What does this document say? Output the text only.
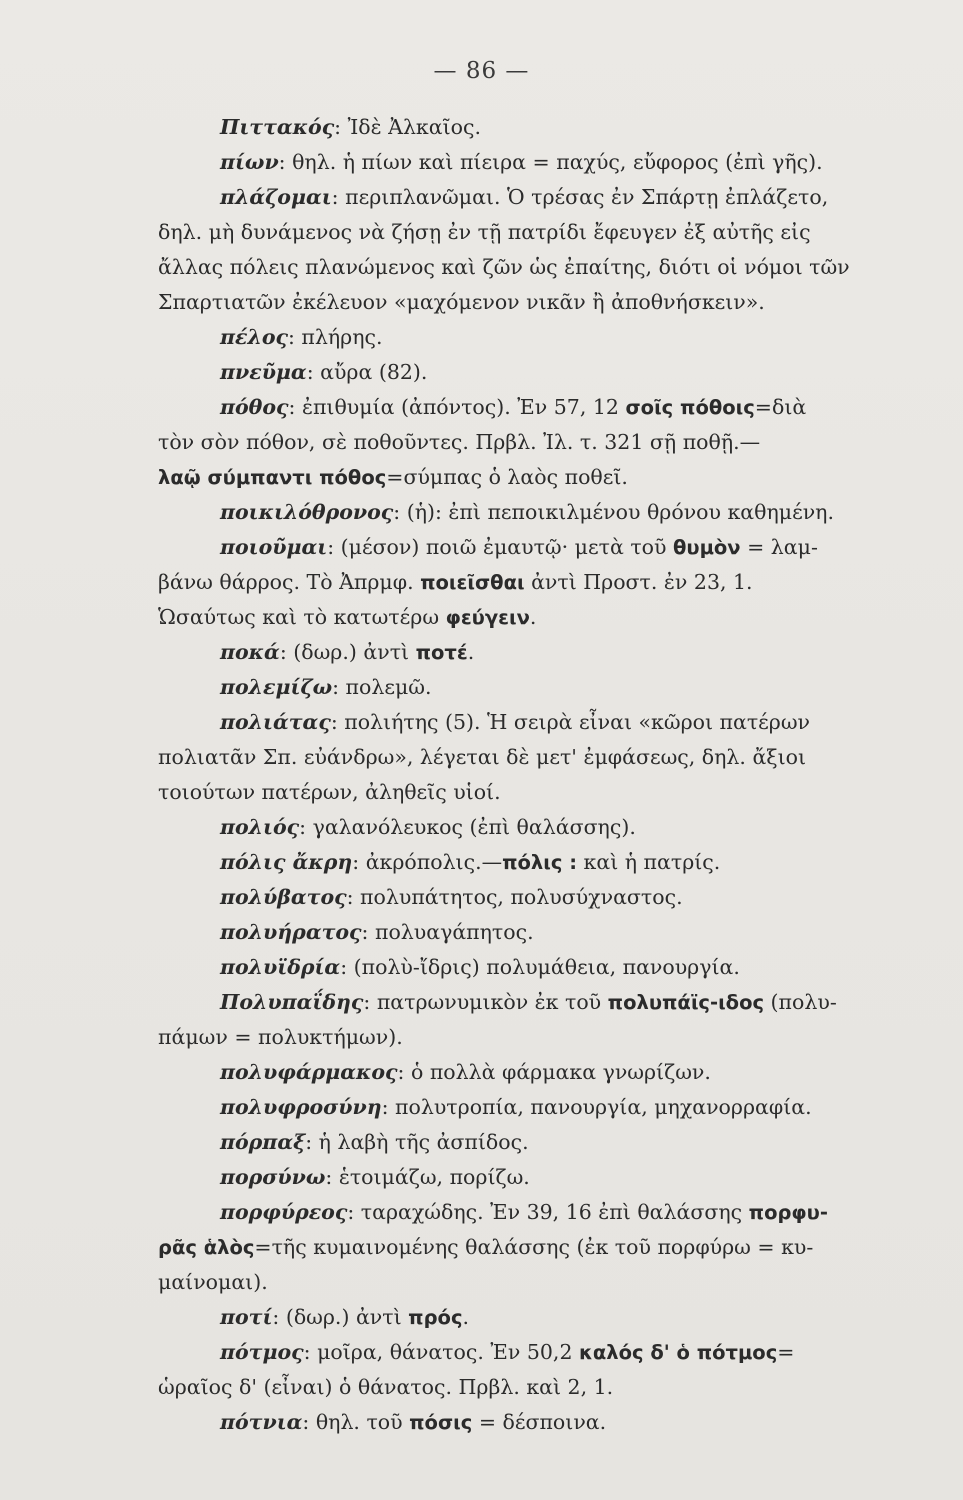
— 86 —

Πιττακός: Ἰδὲ Ἀλκαῖος.

πίων: θηλ. ἡ πίων καὶ πίειρα = παχύς, εὔφορος (ἐπὶ γῆς).

πλάζομαι: περιπλανῶμαι. Ὁ τρέσας ἐν Σπάρτῃ ἐπλάζετο,
δηλ. μὴ δυνάμενος νὰ ζήσῃ ἐν τῇ πατρίδι ἔφευγεν ἐξ αὐτῆς εἰς
ἄλλας πόλεις πλανώμενος καὶ ζῶν ὡς ἐπαίτης, διότι οἱ νόμοι τῶν
Σπαρτιατῶν ἐκέλευον «μαχόμενον νικᾶν ἢ ἀποθνήσκειν».

πέλος: πλήρης.

πνεῦμα: αὔρα (82).

πόθος: ἐπιθυμία (ἀπόντος). Ἐν 57, 12 σοῖς πόθοις=διὰ
τὸν σὸν πόθον, σὲ ποθοῦντες. Πρβλ. Ἰλ. τ. 321 σῇ ποθῇ.—
λαῷ σύμπαντι πόθος=σύμπας ὁ λαὸς ποθεῖ.

ποικιλόθρονος: (ἡ): ἐπὶ πεποικιλμένου θρόνου καθημένη.

ποιοῦμαι: (μέσον) ποιῶ ἐμαυτῷ· μετὰ τοῦ θυμὸν = λαμ-
βάνω θάρρος. Τὸ Ἀπρμφ. ποιεῖσθαι ἀντὶ Προστ. ἐν 23, 1.
Ὡσαύτως καὶ τὸ κατωτέρω φεύγειν.

ποκά: (δωρ.) ἀντὶ ποτέ.

πολεμίζω: πολεμῶ.

πολιάτας: πολιήτης (5). Ἡ σειρὰ εἶναι «κῶροι πατέρων
πολιατᾶν Σπ. εὐάνδρω», λέγεται δὲ μετ' ἐμφάσεως, δηλ. ἄξιοι
τοιούτων πατέρων, ἀληθεῖς υἱοί.

πολιός: γαλανόλευκος (ἐπὶ θαλάσσης).

πόλις ἄκρη: ἀκρόπολις.—πόλις : καὶ ἡ πατρίς.

πολύβατος: πολυπάτητος, πολυσύχναστος.

πολυήρατος: πολυαγάπητος.

πολυϊδρία: (πολὺ-ἴδρις) πολυμάθεια, πανουργία.

Πολυπαΐδης: πατρωνυμικὸν ἐκ τοῦ πολυπάϊς-ιδος (πολυ-
πάμων = πολυκτήμων).

πολυφάρμακος: ὁ πολλὰ φάρμακα γνωρίζων.

πολυφροσύνη: πολυτροπία, πανουργία, μηχανορραφία.

πόρπαξ: ἡ λαβὴ τῆς ἀσπίδος.

πορσύνω: ἑτοιμάζω, πορίζω.

πορφύρεος: ταραχώδης. Ἐν 39, 16 ἐπὶ θαλάσσης πορφυ-
ρᾶς ἁλὸς=τῆς κυμαινομένης θαλάσσης (ἐκ τοῦ πορφύρω = κυ-
μαίνομαι).

ποτί: (δωρ.) ἀντὶ πρός.

πότμος: μοῖρα, θάνατος. Ἐν 50,2 καλός δ' ὁ πότμος=
ὡραῖος δ' (εἶναι) ὁ θάνατος. Πρβλ. καὶ 2, 1.

πότνια: θηλ. τοῦ πόσις = δέσποινα.
